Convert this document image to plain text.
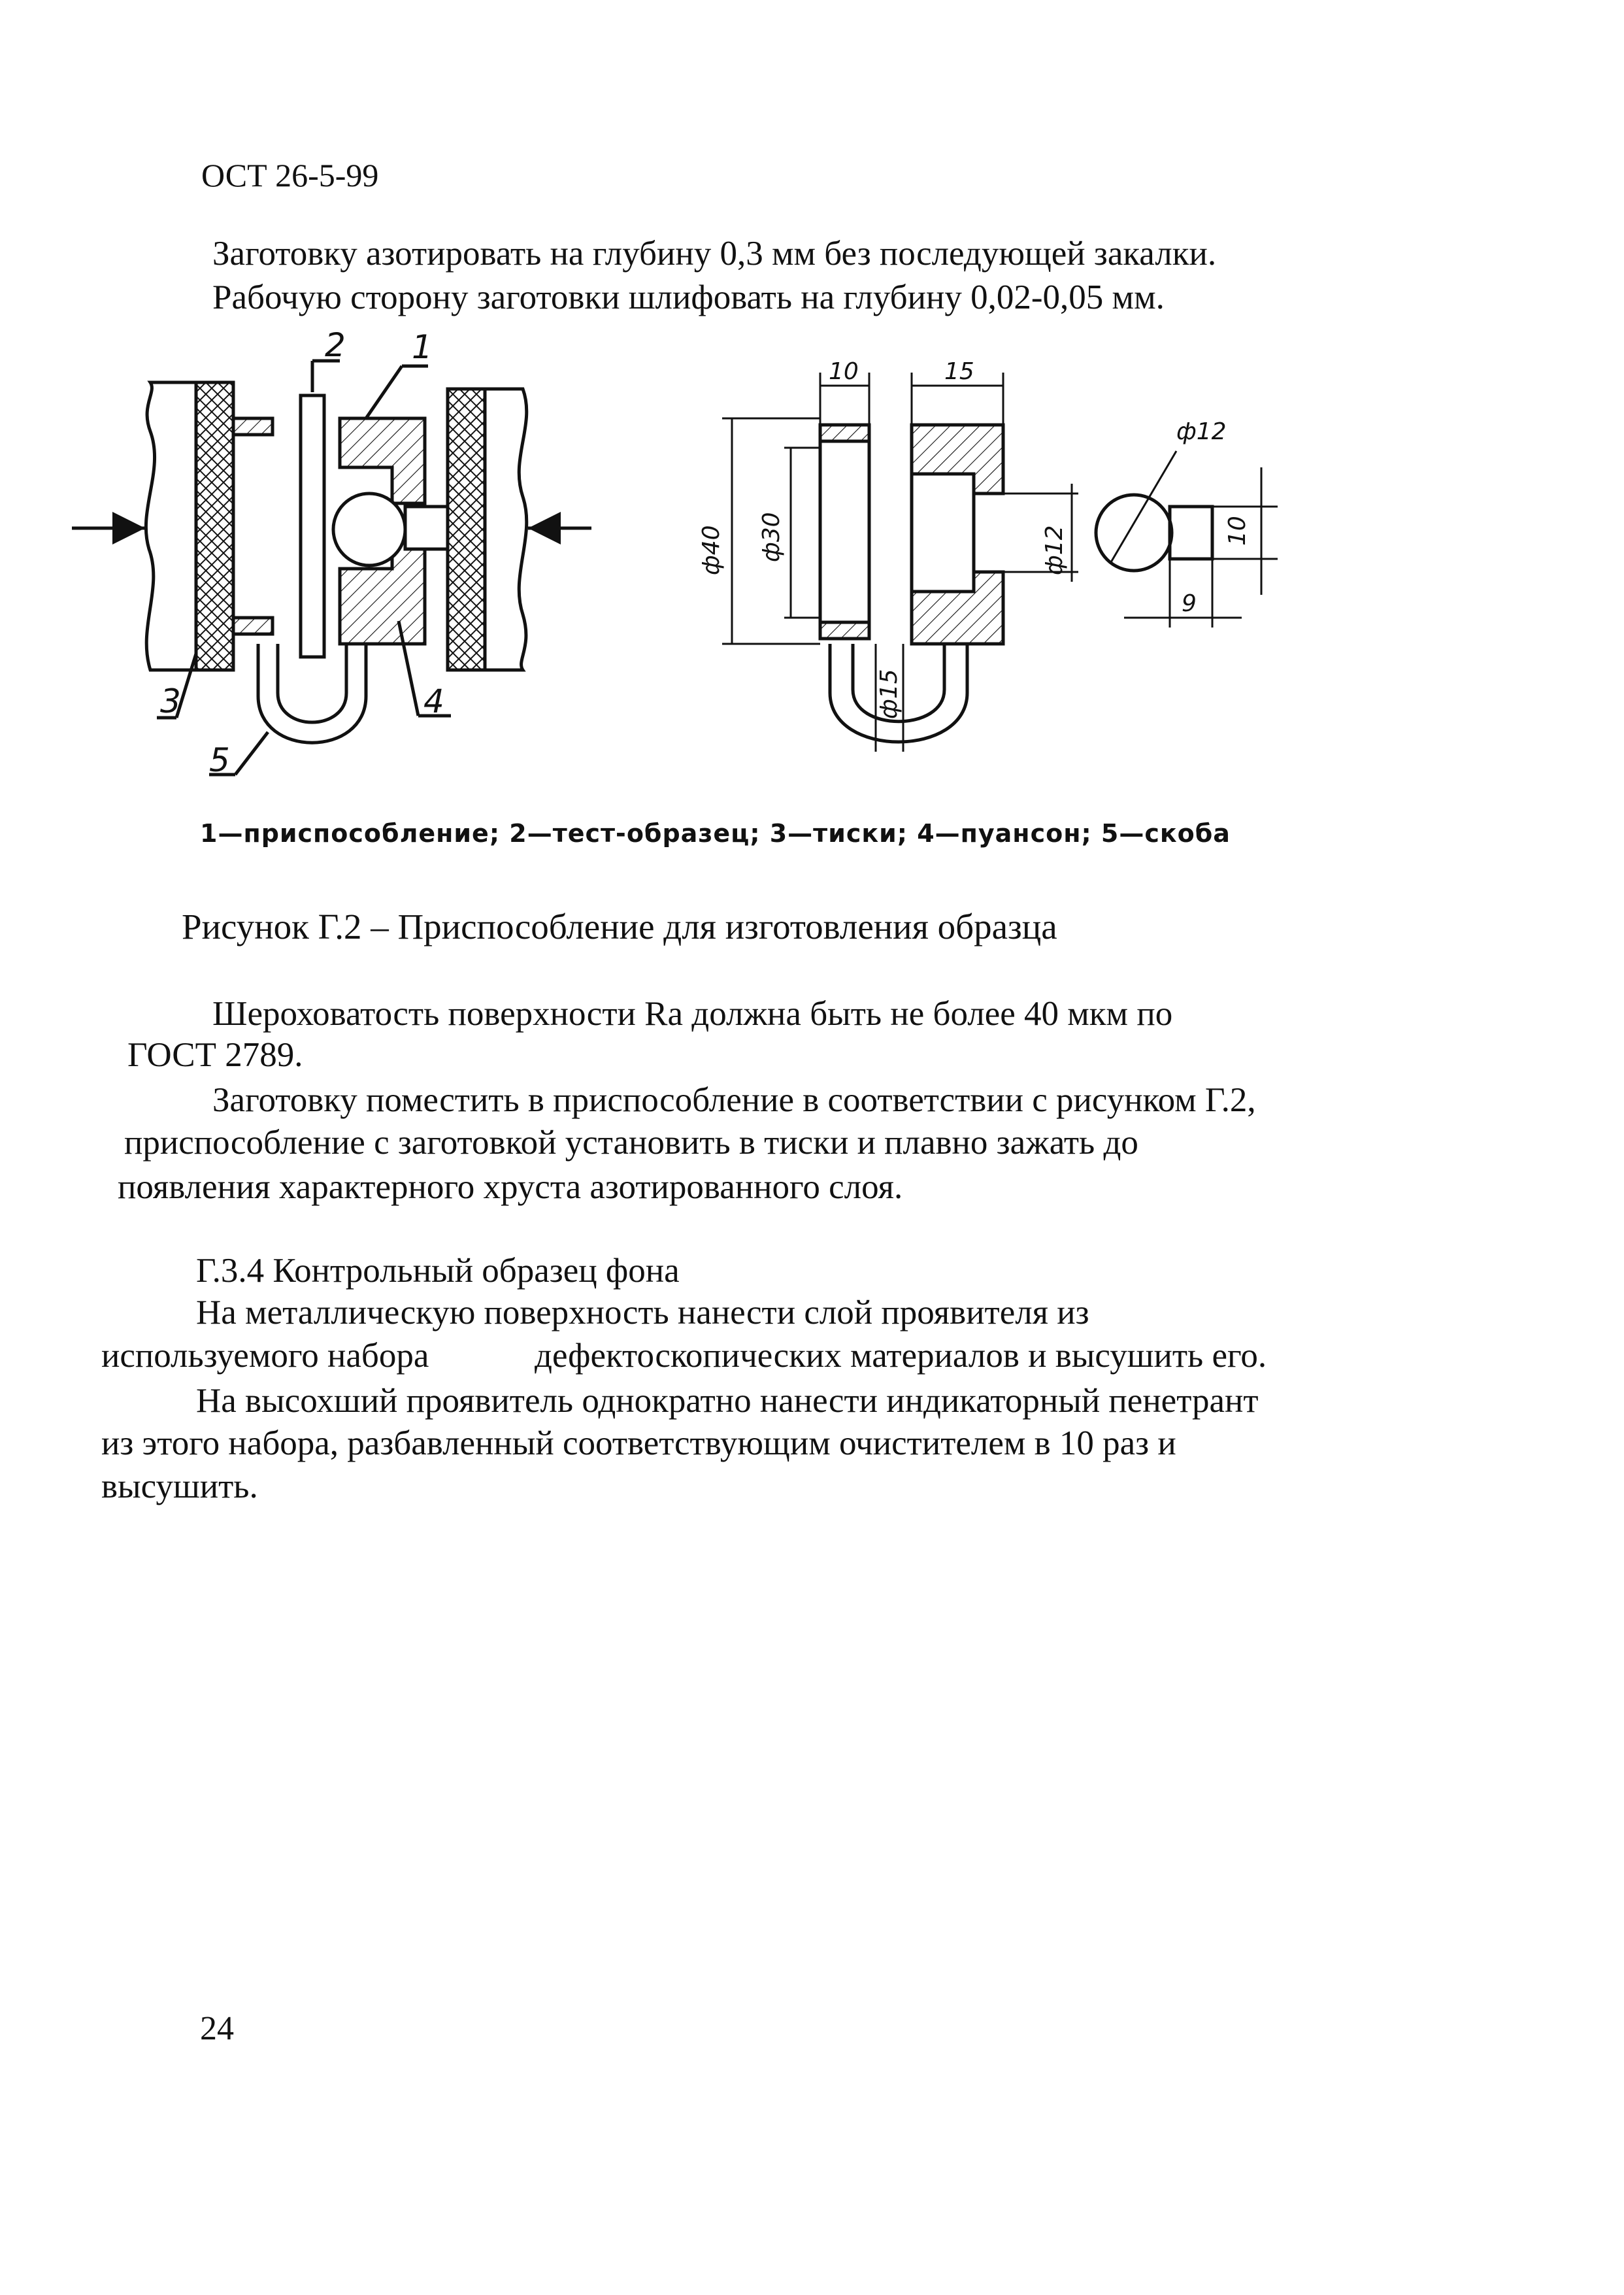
ОСТ 26-5-99
Заготовку азотировать на глубину 0,3 мм без последующей закалки.
Рабочую сторону заготовки шлифовать на глубину 0,02-0,05 мм.
2 1
3	4
5
10	15
ф40 ф30	ф12
ф15
ф12
10
9
1—приспособление; 2—тест-образец; 3—тиски; 4—пуансон; 5—скоба
Рисунок Г.2 – Приспособление для изготовления образца
Шероховатость поверхности Ra должна быть не более 40 мкм по
ГОСТ 2789.
Заготовку поместить в приспособление в соответствии с рисунком Г.2,
приспособление с заготовкой установить в тиски и плавно зажать до
появления характерного хруста азотированного слоя.
Г.3.4 Контрольный образец фона
На металлическую поверхность нанести слой проявителя из
используемого набора	дефектоскопических материалов и высушить его.
На высохший проявитель однократно нанести индикаторный пенетрант
из этого набора, разбавленный соответствующим очистителем в 10 раз и
высушить.
24
